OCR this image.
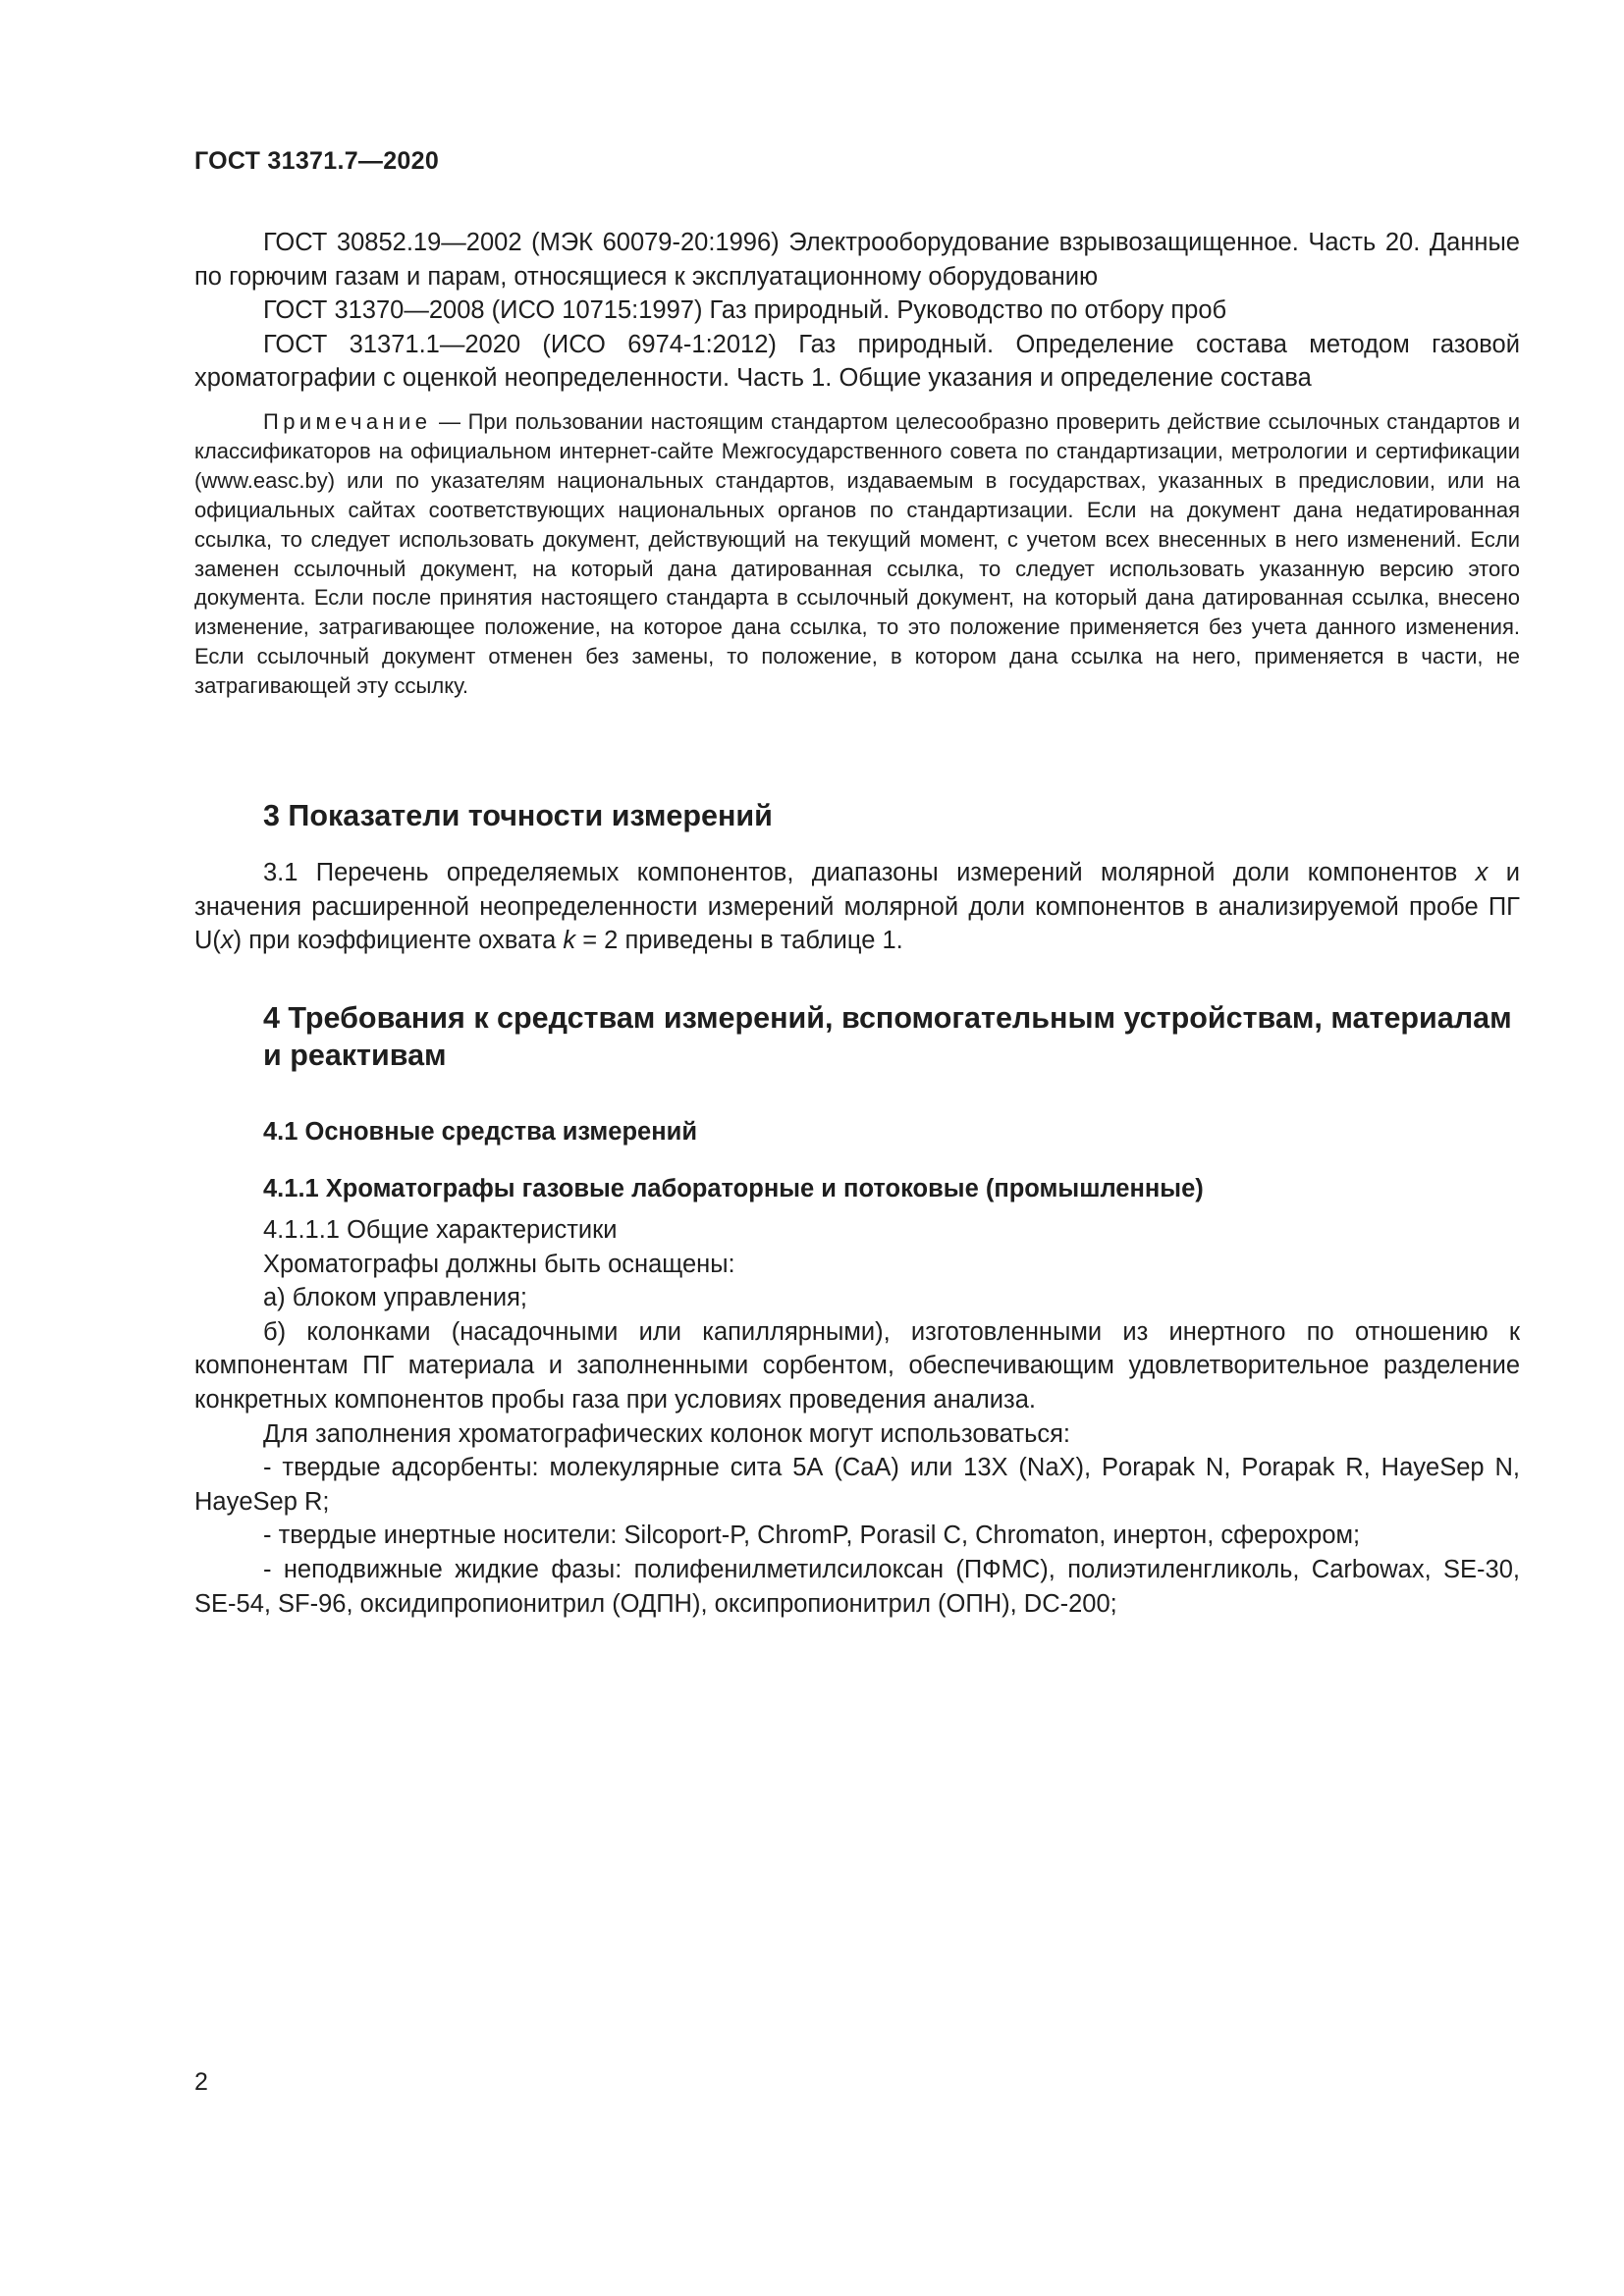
ГОСТ 31371.7—2020

ГОСТ 30852.19—2002 (МЭК 60079-20:1996) Электрооборудование взрывозащищенное. Часть 20. Данные по горючим газам и парам, относящиеся к эксплуатационному оборудованию

ГОСТ 31370—2008 (ИСО 10715:1997) Газ природный. Руководство по отбору проб

ГОСТ 31371.1—2020 (ИСО 6974-1:2012) Газ природный. Определение состава методом газовой хроматографии с оценкой неопределенности. Часть 1. Общие указания и определение состава

Примечание — При пользовании настоящим стандартом целесообразно проверить действие ссылочных стандартов и классификаторов на официальном интернет-сайте Межгосударственного совета по стандартизации, метрологии и сертификации (www.easc.by) или по указателям национальных стандартов, издаваемым в государствах, указанных в предисловии, или на официальных сайтах соответствующих национальных органов по стандартизации. Если на документ дана недатированная ссылка, то следует использовать документ, действующий на текущий момент, с учетом всех внесенных в него изменений. Если заменен ссылочный документ, на который дана датированная ссылка, то следует использовать указанную версию этого документа. Если после принятия настоящего стандарта в ссылочный документ, на который дана датированная ссылка, внесено изменение, затрагивающее положение, на которое дана ссылка, то это положение применяется без учета данного изменения. Если ссылочный документ отменен без замены, то положение, в котором дана ссылка на него, применяется в части, не затрагивающей эту ссылку.

3 Показатели точности измерений

3.1 Перечень определяемых компонентов, диапазоны измерений молярной доли компонентов x и значения расширенной неопределенности измерений молярной доли компонентов в анализируемой пробе ПГ U(x) при коэффициенте охвата k = 2 приведены в таблице 1.

4 Требования к средствам измерений, вспомогательным устройствам, материалам и реактивам
4.1 Основные средства измерений
4.1.1 Хроматографы газовые лабораторные и потоковые (промышленные)

4.1.1.1 Общие характеристики

Хроматографы должны быть оснащены:

а) блоком управления;

б) колонками (насадочными или капиллярными), изготовленными из инертного по отношению к компонентам ПГ материала и заполненными сорбентом, обеспечивающим удовлетворительное разделение конкретных компонентов пробы газа при условиях проведения анализа.

Для заполнения хроматографических колонок могут использоваться:

- твердые адсорбенты: молекулярные сита 5А (CaA) или 13Х (NaX), Porapak N, Porapak R, HayeSep N, HayeSep R;

- твердые инертные носители: Silcoport-P, ChromP, Porasil C, Chromaton, инертон, сферохром;

- неподвижные жидкие фазы: полифенилметилсилоксан (ПФМС), полиэтиленгликоль, Carbowax, SE-30, SE-54, SF-96, оксидипропионитрил (ОДПН), оксипропионитрил (ОПН), DC-200;

2
